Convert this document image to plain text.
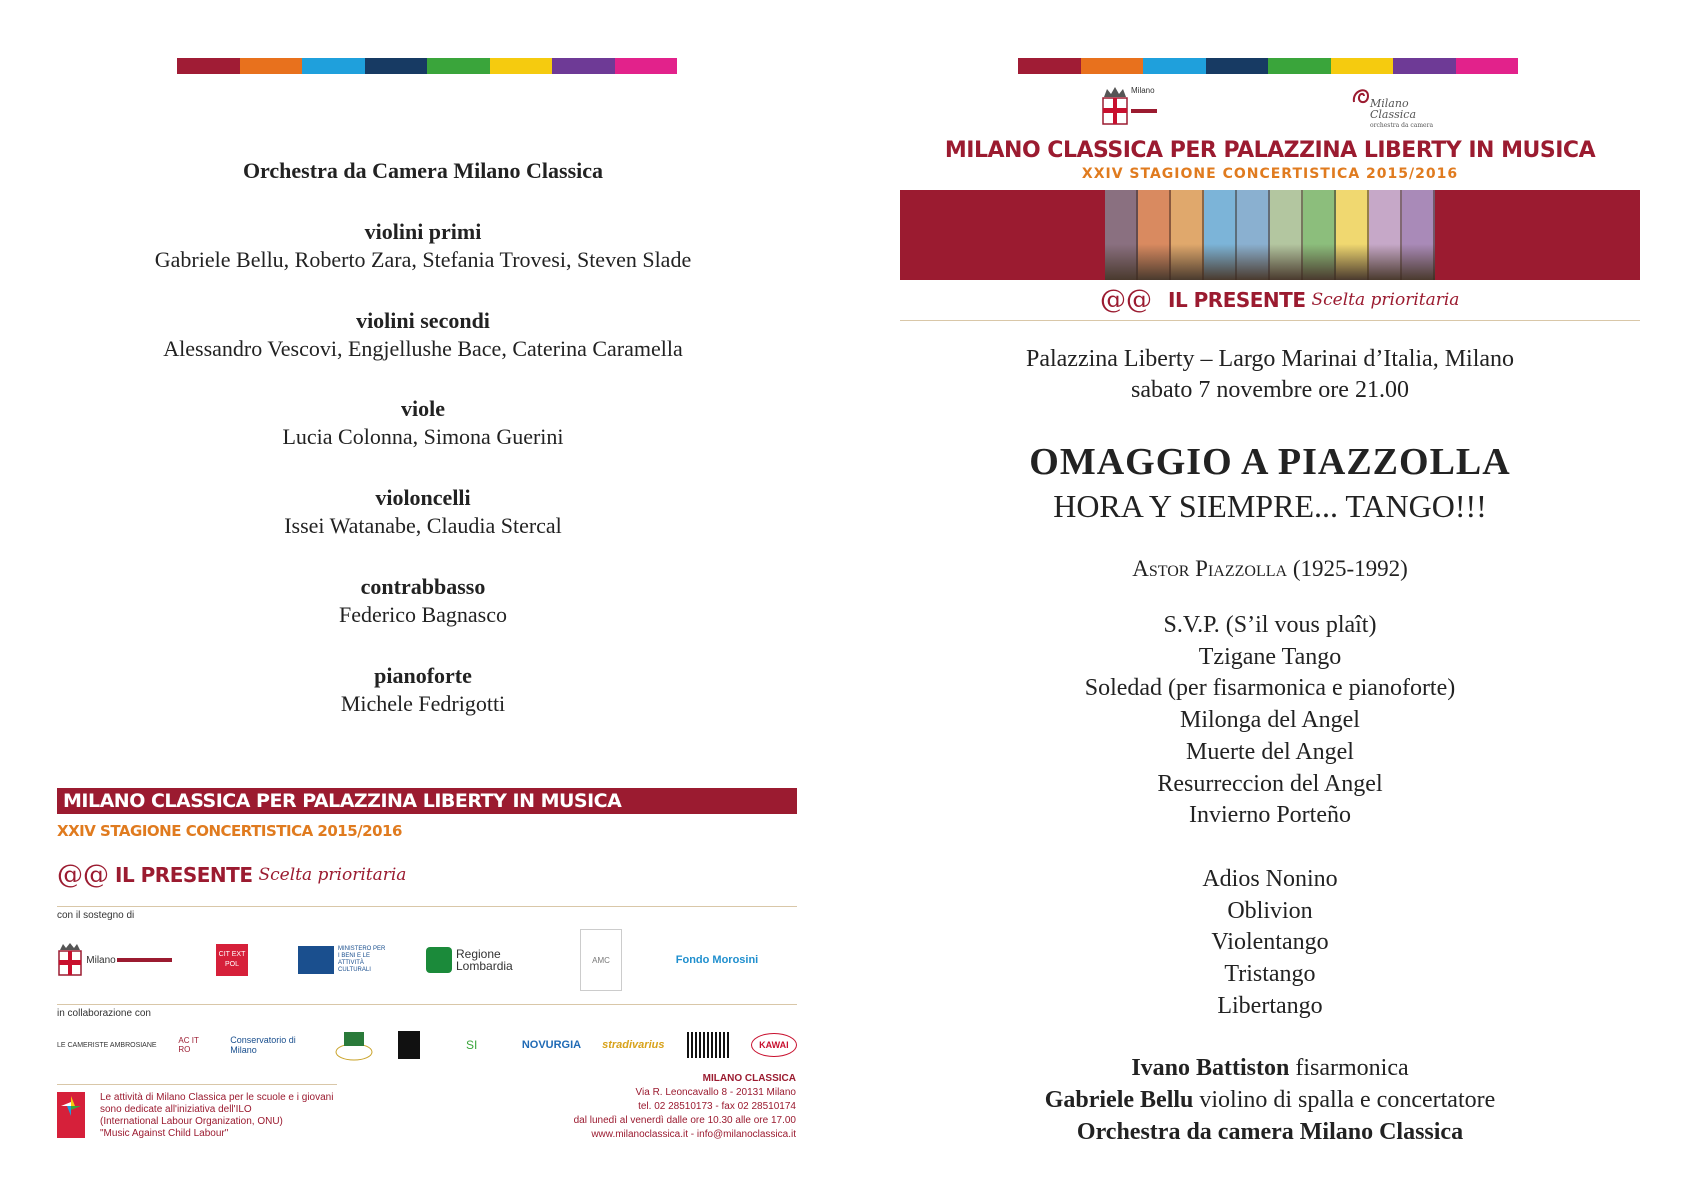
Orchestra da Camera Milano Classica
violini primi
Gabriele Bellu, Roberto Zara, Stefania Trovesi, Steven Slade
violini secondi
Alessandro Vescovi, Engjellushe Bace, Caterina Caramella
viole
Lucia Colonna, Simona Guerini
violoncelli
Issei Watanabe, Claudia Stercal
contrabbasso
Federico Bagnasco
pianoforte
Michele Fedrigotti
MILANO CLASSICA PER PALAZZINA LIBERTY IN MUSICA
XXIV STAGIONE CONCERTISTICA 2015/2016
@@ IL PRESENTE Scelta prioritaria
con il sostegno di
Milano	CIT EXT POL
MINISTERO PER I BENI E LE ATTIVITÀ CULTURALI
Regione Lombardia	AMC	Fondo Morosini
in collaborazione con
LE CAMERISTE AMBROSIANE	AC IT RO
Conservatorio di Milano	SI	NOVURGIA stradivarius	KAWAI
Le attività di Milano Classica per le scuole e i giovani
sono dedicate all'iniziativa dell'ILO
(International Labour Organization, ONU)
"Music Against Child Labour"
MILANO CLASSICA
Via R. Leoncavallo 8 - 20131 Milano
tel. 02 28510173 - fax 02 28510174
dal lunedì al venerdì dalle ore 10.30 alle ore 17.00
www.milanoclassica.it - info@milanoclassica.it
Milano
Milano Classica
orchestra da camera
MILANO CLASSICA PER PALAZZINA LIBERTY IN MUSICA
XXIV STAGIONE CONCERTISTICA 2015/2016
@@ IL PRESENTE Scelta prioritaria
Palazzina Liberty – Largo Marinai d’Italia, Milano
sabato 7 novembre ore 21.00
OMAGGIO A PIAZZOLLA
HORA Y SIEMPRE... TANGO!!!
Astor Piazzolla (1925-1992)
S.V.P. (S’il vous plaît)
Tzigane Tango
Soledad (per fisarmonica e pianoforte)
Milonga del Angel
Muerte del Angel
Resurreccion del Angel
Invierno Porteño
Adios Nonino
Oblivion
Violentango
Tristango
Libertango
Ivano Battiston fisarmonica
Gabriele Bellu violino di spalla e concertatore
Orchestra da camera Milano Classica
